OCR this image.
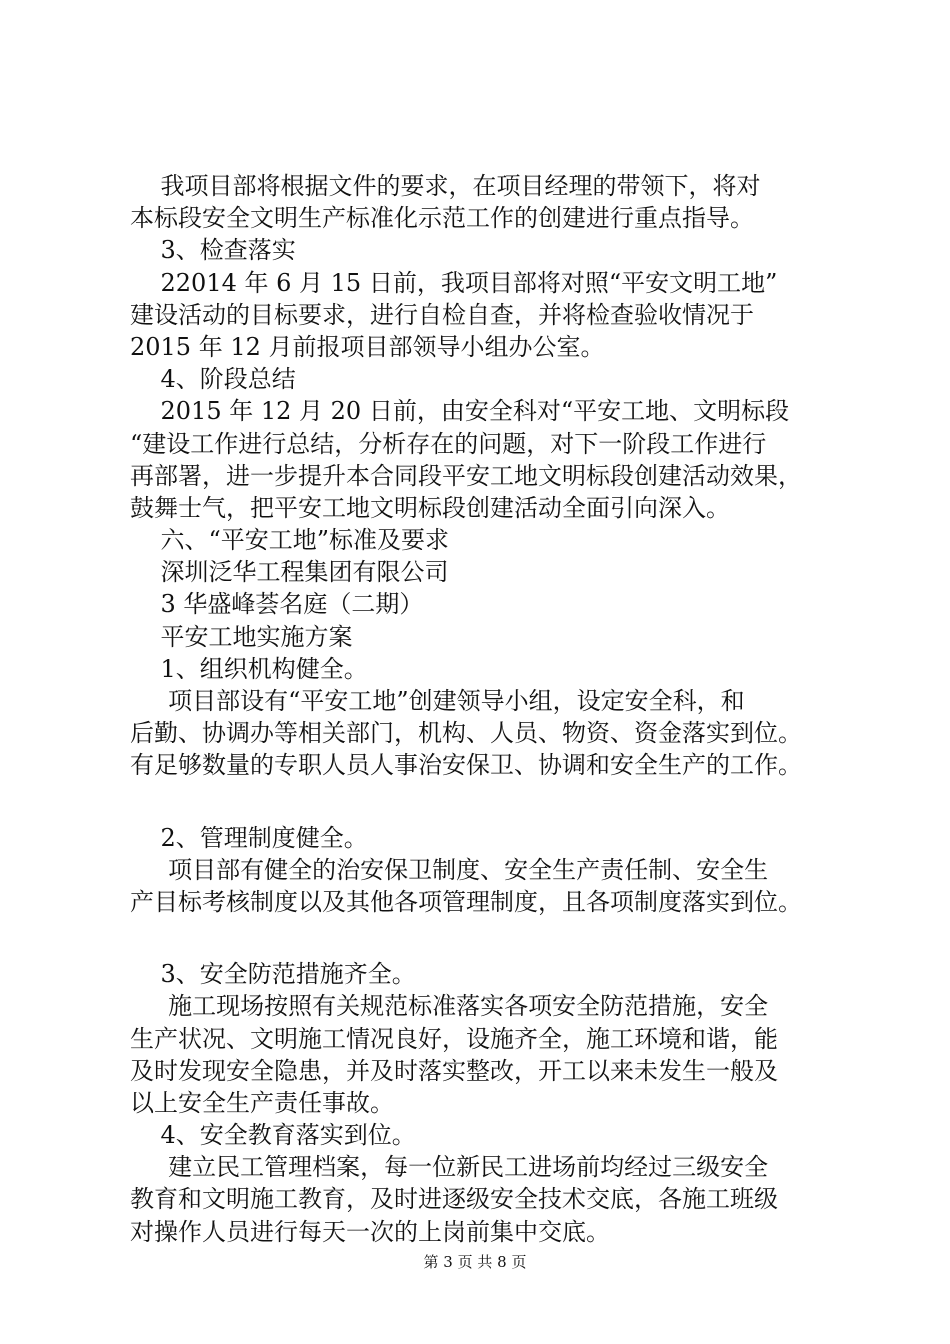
我项目部将根据文件的要求，在项目经理的带领下，将对
本标段安全文明生产标准化示范工作的创建进行重点指导。
3、检查落实
22014 年 6 月 15 日前，我项目部将对照“平安文明工地”
建设活动的目标要求，进行自检自查，并将检查验收情况于
2015 年 12 月前报项目部领导小组办公室。
4、阶段总结
2015 年 12 月 20 日前，由安全科对“平安工地、文明标段
“建设工作进行总结，分析存在的问题，对下一阶段工作进行
再部署，进一步提升本合同段平安工地文明标段创建活动效果，
鼓舞士气，把平安工地文明标段创建活动全面引向深入。
六、“平安工地”标准及要求
深圳泛华工程集团有限公司
3 华盛峰荟名庭（二期）
平安工地实施方案
1、组织机构健全。
项目部设有“平安工地”创建领导小组，设定安全科，和
后勤、协调办等相关部门，机构、人员、物资、资金落实到位。
有足够数量的专职人员人事治安保卫、协调和安全生产的工作。
2、管理制度健全。
项目部有健全的治安保卫制度、安全生产责任制、安全生
产目标考核制度以及其他各项管理制度，且各项制度落实到位。
3、安全防范措施齐全。
施工现场按照有关规范标准落实各项安全防范措施，安全
生产状况、文明施工情况良好，设施齐全，施工环境和谐，能
及时发现安全隐患，并及时落实整改，开工以来未发生一般及
以上安全生产责任事故。
4、安全教育落实到位。
建立民工管理档案，每一位新民工进场前均经过三级安全
教育和文明施工教育，及时进逐级安全技术交底，各施工班级
对操作人员进行每天一次的上岗前集中交底。
第 3 页 共 8 页
